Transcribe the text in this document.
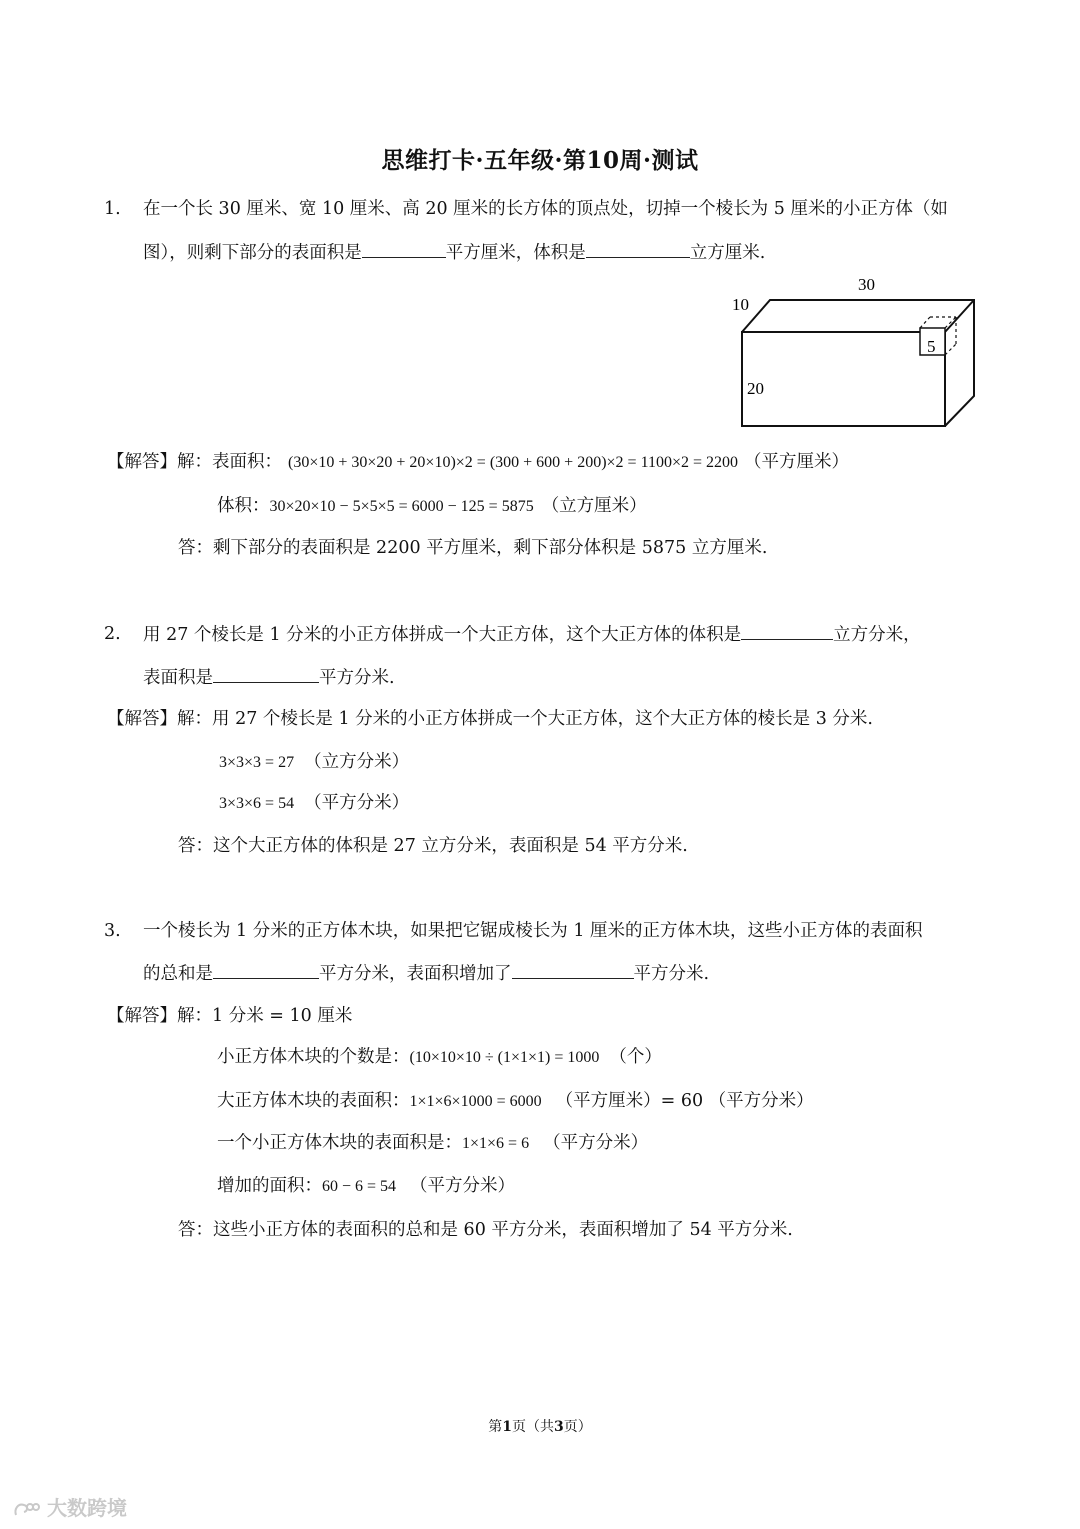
思维打卡·五年级·第10周·测试
1. 在一个长 30 厘米、宽 10 厘米、高 20 厘米的长方体的顶点处，切掉一个棱长为 5 厘米的小正方体（如
图），则剩下部分的表面积是	平方厘米，体积是	立方厘米.
30
10
20
5
【解答】解：表面积： (30×10 + 30×20 + 20×10)×2 = (300 + 600 + 200)×2 = 1100×2 = 2200 （平方厘米）
体积：30×20×10 − 5×5×5 = 6000 − 125 = 5875 （立方厘米）
答：剩下部分的表面积是 2200 平方厘米，剩下部分体积是 5875 立方厘米.
2. 用 27 个棱长是 1 分米的小正方体拼成一个大正方体，这个大正方体的体积是	立方分米，
表面积是	平方分米.
【解答】解：用 27 个棱长是 1 分米的小正方体拼成一个大正方体，这个大正方体的棱长是 3 分米.
3×3×3 = 27 （立方分米）
3×3×6 = 54 （平方分米）
答：这个大正方体的体积是 27 立方分米，表面积是 54 平方分米.
3. 一个棱长为 1 分米的正方体木块，如果把它锯成棱长为 1 厘米的正方体木块，这些小正方体的表面积
的总和是	平方分米，表面积增加了	平方分米.
【解答】解：1 分米 = 10 厘米
小正方体木块的个数是：(10×10×10 ÷ (1×1×1) = 1000 （个）
大正方体木块的表面积：1×1×6×1000 = 6000 （平方厘米）= 60 （平方分米）
一个小正方体木块的表面积是：1×1×6 = 6 （平方分米）
增加的面积：60 − 6 = 54 （平方分米）
答：这些小正方体的表面积的总和是 60 平方分米，表面积增加了 54 平方分米.
第1页（共3页）
大数跨境
